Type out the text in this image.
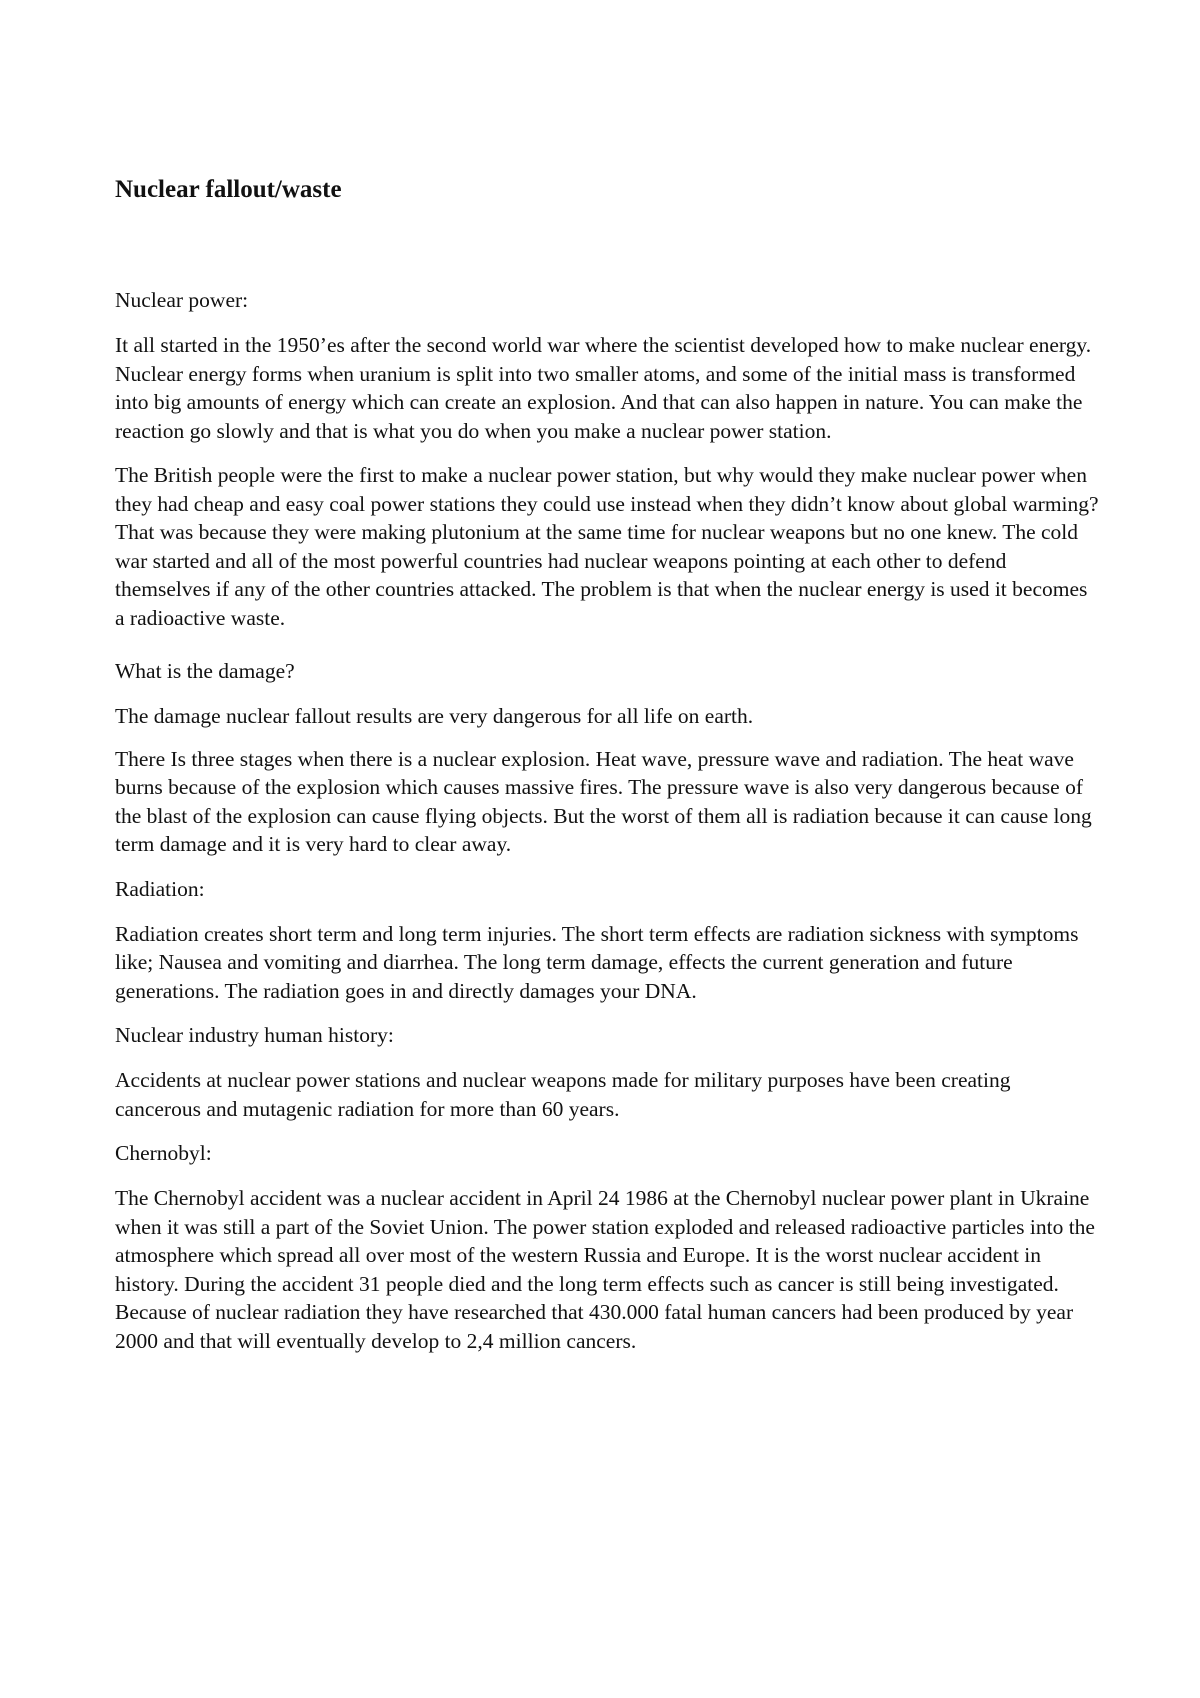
Nuclear fallout/waste

Nuclear power:

It all started in the 1950’es after the second world war where the scientist developed how to make nuclear energy. Nuclear energy forms when uranium is split into two smaller atoms, and some of the initial mass is transformed into big amounts of energy which can create an explosion. And that can also happen in nature. You can make the reaction go slowly and that is what you do when you make a nuclear power station.

The British people were the first to make a nuclear power station, but why would they make nuclear power when they had cheap and easy coal power stations they could use instead when they didn’t know about global warming? That was because they were making plutonium at the same time for nuclear weapons but no one knew. The cold war started and all of the most powerful countries had nuclear weapons pointing at each other to defend themselves if any of the other countries attacked. The problem is that when the nuclear energy is used it becomes a radioactive waste.

What is the damage?

The damage nuclear fallout results are very dangerous for all life on earth.

There Is three stages when there is a nuclear explosion. Heat wave, pressure wave and radiation. The heat wave burns because of the explosion which causes massive fires. The pressure wave is also very dangerous because of the blast of the explosion can cause flying objects. But the worst of them all is radiation because it can cause long term damage and it is very hard to clear away.

Radiation:

Radiation creates short term and long term injuries. The short term effects are radiation sickness with symptoms like; Nausea and vomiting and diarrhea. The long term damage, effects the current generation and future generations. The radiation goes in and directly damages your DNA.

Nuclear industry human history:

Accidents at nuclear power stations and nuclear weapons made for military purposes have been creating cancerous and mutagenic radiation for more than 60 years.

Chernobyl:

The Chernobyl accident was a nuclear accident in April 24 1986 at the Chernobyl nuclear power plant in Ukraine when it was still a part of the Soviet Union. The power station exploded and released radioactive particles into the atmosphere which spread all over most of the western Russia and Europe. It is the worst nuclear accident in history. During the accident 31 people died and the long term effects such as cancer is still being investigated. Because of nuclear radiation they have researched that 430.000 fatal human cancers had been produced by year 2000 and that will eventually develop to 2,4 million cancers.
